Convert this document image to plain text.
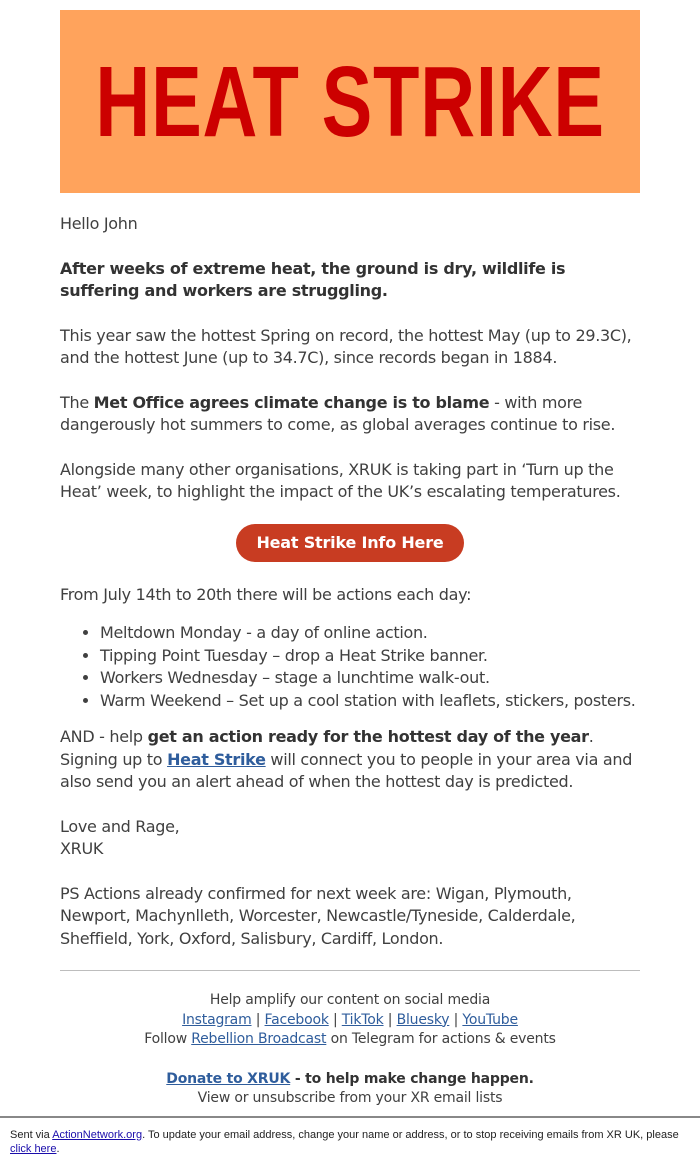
HEAT STRIKE

Hello John

After weeks of extreme heat, the ground is dry, wildlife is suffering and workers are struggling.

This year saw the hottest Spring on record, the hottest May (up to 29.3C), and the hottest June (up to 34.7C), since records began in 1884.

The Met Office agrees climate change is to blame - with more dangerously hot summers to come, as global averages continue to rise.

Alongside many other organisations, XRUK is taking part in ‘Turn up the Heat’ week, to highlight the impact of the UK’s escalating temperatures.

Heat Strike Info Here

From July 14th to 20th there will be actions each day:

• Meltdown Monday - a day of online action.
• Tipping Point Tuesday – drop a Heat Strike banner.
• Workers Wednesday – stage a lunchtime walk-out.
• Warm Weekend – Set up a cool station with leaflets, stickers, posters.

AND - help get an action ready for the hottest day of the year. Signing up to Heat Strike will connect you to people in your area via and also send you an alert ahead of when the hottest day is predicted.

Love and Rage,
XRUK

PS Actions already confirmed for next week are: Wigan, Plymouth, Newport, Machynlleth, Worcester, Newcastle/Tyneside, Calderdale, Sheffield, York, Oxford, Salisbury, Cardiff, London.

Help amplify our content on social media
Instagram | Facebook | TikTok | Bluesky | YouTube
Follow Rebellion Broadcast on Telegram for actions & events
Donate to XRUK - to help make change happen.
View or unsubscribe from your XR email lists
Sent via ActionNetwork.org. To update your email address, change your name or address, or to stop receiving emails from XR UK, please click here.
